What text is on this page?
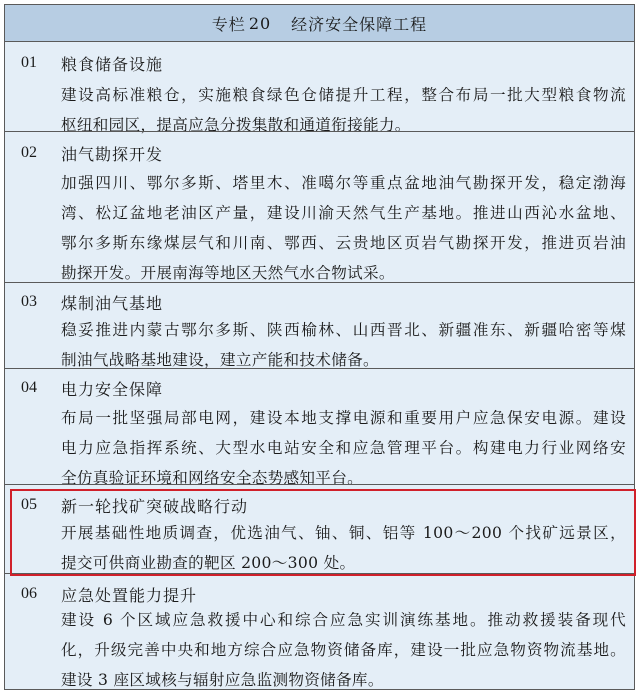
专栏 20 经济安全保障工程
01 粮食储备设施
建设高标准粮仓，实施粮食绿色仓储提升工程，整合布局一批大型粮食物流
枢纽和园区，提高应急分拨集散和通道衔接能力。
02 油气勘探开发
加强四川、鄂尔多斯、塔里木、准噶尔等重点盆地油气勘探开发，稳定渤海
湾、松辽盆地老油区产量，建设川渝天然气生产基地。推进山西沁水盆地、
鄂尔多斯东缘煤层气和川南、鄂西、云贵地区页岩气勘探开发，推进页岩油
勘探开发。开展南海等地区天然气水合物试采。
03 煤制油气基地
稳妥推进内蒙古鄂尔多斯、陕西榆林、山西晋北、新疆准东、新疆哈密等煤
制油气战略基地建设，建立产能和技术储备。
04 电力安全保障
布局一批坚强局部电网，建设本地支撑电源和重要用户应急保安电源。建设
电力应急指挥系统、大型水电站安全和应急管理平台。构建电力行业网络安
全仿真验证环境和网络安全态势感知平台。
05 新一轮找矿突破战略行动
开展基础性地质调查，优选油气、铀、铜、铝等 100～200 个找矿远景区，
提交可供商业勘查的靶区 200～300 处。
06 应急处置能力提升
建设 6 个区域应急救援中心和综合应急实训演练基地。推动救援装备现代
化，升级完善中央和地方综合应急物资储备库，建设一批应急物资物流基地。
建设 3 座区域核与辐射应急监测物资储备库。
